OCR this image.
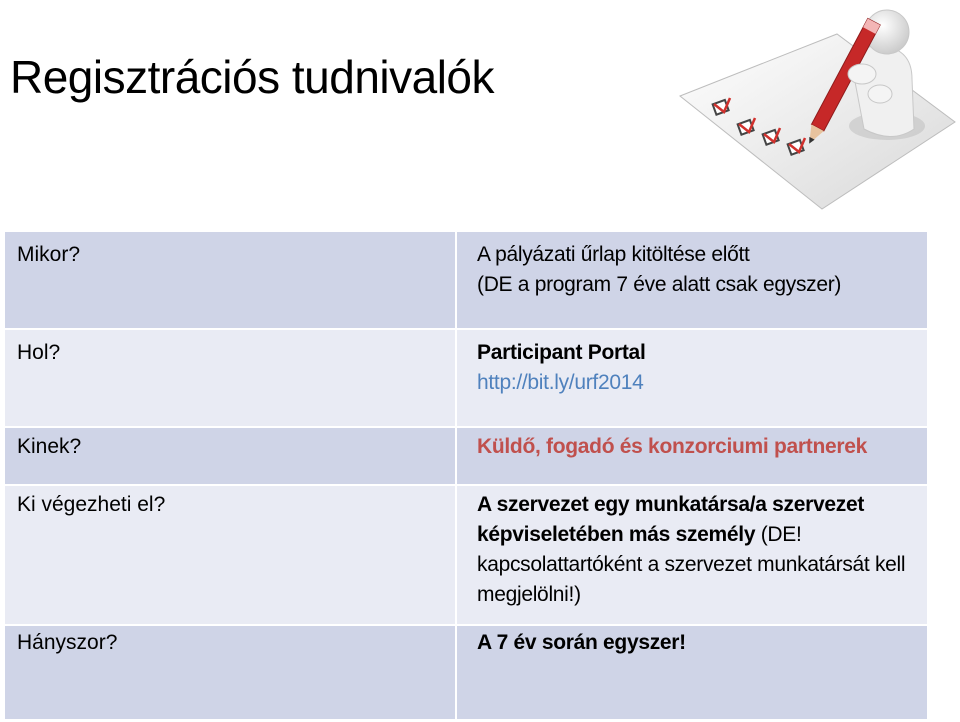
Regisztrációs tudnivalók
Mikor?	A pályázati űrlap kitöltése előtt
(DE a program 7 éve alatt csak egyszer)
Hol?	Participant Portal
http://bit.ly/urf2014
Kinek?	Küldő, fogadó és konzorciumi partnerek
Ki végezheti el?	A szervezet egy munkatársa/a szervezet képviseletében más személy (DE! kapcsolattartóként a szervezet munkatársát kell megjelölni!)
Hányszor?	A 7 év során egyszer!
